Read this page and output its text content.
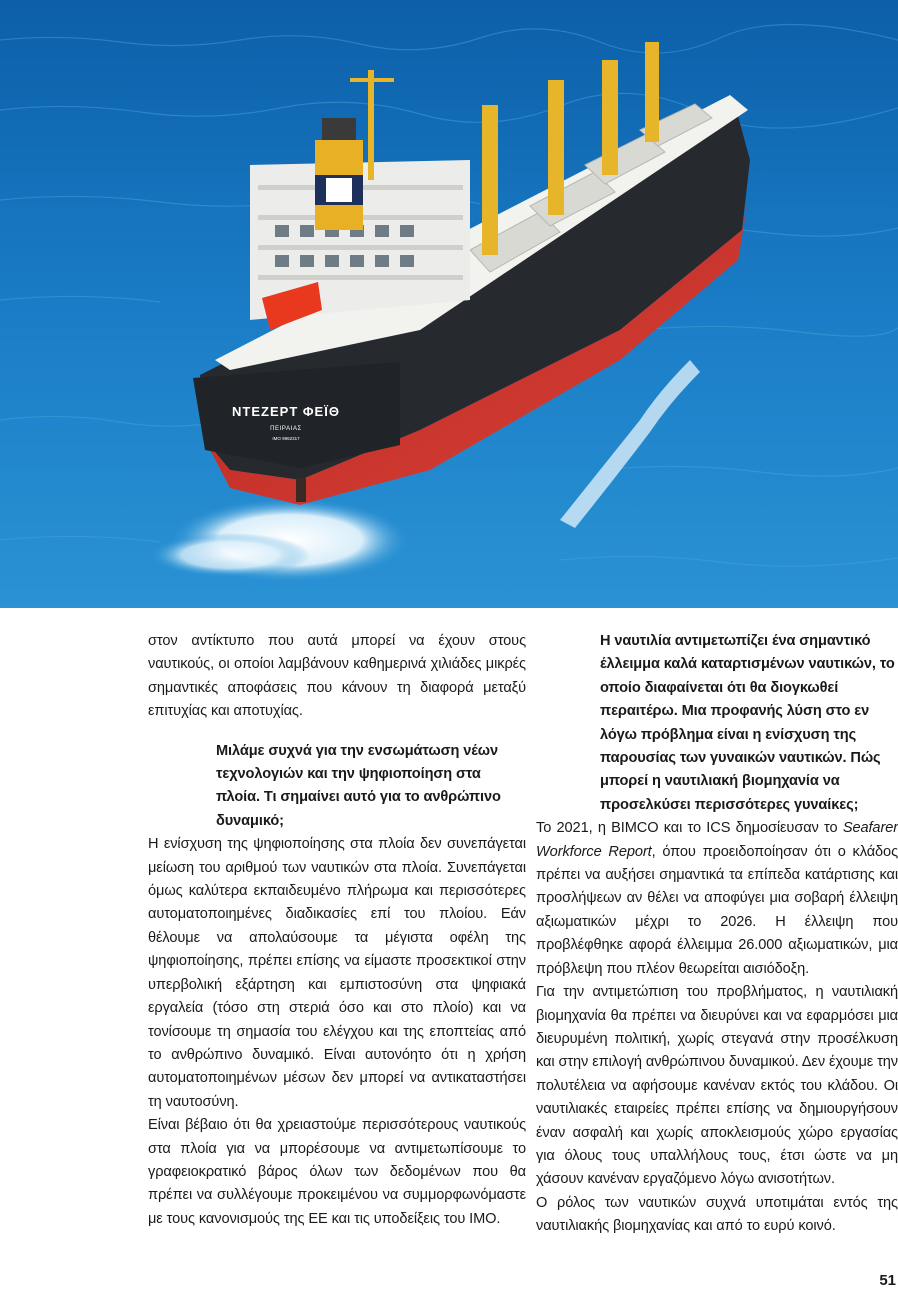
ΝΤΕΖΕΡΤ ΦΕΪΘ
ΠΕΙΡΑΙΑΣ
IMO 9962317

στον αντίκτυπο που αυτά μπορεί να έχουν στους ναυτικούς, οι οποίοι λαμβάνουν καθημερινά χιλιάδες μικρές σημαντικές αποφάσεις που κάνουν τη διαφορά μεταξύ επιτυχίας και αποτυχίας.

Μιλάμε συχνά για την ενσωμάτωση νέων τεχνολογιών και την ψηφιοποίηση στα πλοία. Τι σημαίνει αυτό για το ανθρώπινο δυναμικό;

Η ενίσχυση της ψηφιοποίησης στα πλοία δεν συνεπάγεται μείωση του αριθμού των ναυτικών στα πλοία. Συνεπάγεται όμως καλύτερα εκπαιδευμένο πλήρωμα και περισσότερες αυτοματοποιημένες διαδικασίες επί του πλοίου. Εάν θέλουμε να απολαύσουμε τα μέγιστα οφέλη της ψηφιοποίησης, πρέπει επίσης να είμαστε προσεκτικοί στην υπερβολική εξάρτηση και εμπιστοσύνη στα ψηφιακά εργαλεία (τόσο στη στεριά όσο και στο πλοίο) και να τονίσουμε τη σημασία του ελέγχου και της εποπτείας από το ανθρώπινο δυναμικό. Είναι αυτονόητο ότι η χρήση αυτοματοποιημένων μέσων δεν μπορεί να αντικαταστήσει τη ναυτοσύνη.

Είναι βέβαιο ότι θα χρειαστούμε περισσότερους ναυτικούς στα πλοία για να μπορέσουμε να αντιμετωπίσουμε το γραφειοκρατικό βάρος όλων των δεδομένων που θα πρέπει να συλλέγουμε προκειμένου να συμμορφωνόμαστε με τους κανονισμούς της ΕΕ και τις υποδείξεις του IMO.

Η ναυτιλία αντιμετωπίζει ένα σημαντικό έλλειμμα καλά καταρτισμένων ναυτικών, το οποίο διαφαίνεται ότι θα διογκωθεί περαιτέρω. Μια προφανής λύση στο εν λόγω πρόβλημα είναι η ενίσχυση της παρουσίας των γυναικών ναυτικών. Πώς μπορεί η ναυτιλιακή βιομηχανία να προσελκύσει περισσότερες γυναίκες;

Το 2021, η BIMCO και το ICS δημοσίευσαν το Seafarer Workforce Report, όπου προειδοποίησαν ότι ο κλάδος πρέπει να αυξήσει σημαντικά τα επίπεδα κατάρτισης και προσλήψεων αν θέλει να αποφύγει μια σοβαρή έλλειψη αξιωματικών μέχρι το 2026. Η έλλειψη που προβλέφθηκε αφορά έλλειμμα 26.000 αξιωματικών, μια πρόβλεψη που πλέον θεωρείται αισιόδοξη.

Για την αντιμετώπιση του προβλήματος, η ναυτιλιακή βιομηχανία θα πρέπει να διευρύνει και να εφαρμόσει μια διευρυμένη πολιτική, χωρίς στεγανά στην προσέλκυση και στην επιλογή ανθρώπινου δυναμικού. Δεν έχουμε την πολυτέλεια να αφήσουμε κανέναν εκτός του κλάδου. Οι ναυτιλιακές εταιρείες πρέπει επίσης να δημιουργήσουν έναν ασφαλή και χωρίς αποκλεισμούς χώρο εργασίας για όλους τους υπαλλήλους τους, έτσι ώστε να μη χάσουν κανέναν εργαζόμενο λόγω ανισοτήτων.

Ο ρόλος των ναυτικών συχνά υποτιμάται εντός της ναυτιλιακής βιομηχανίας και από το ευρύ κοινό.

51
